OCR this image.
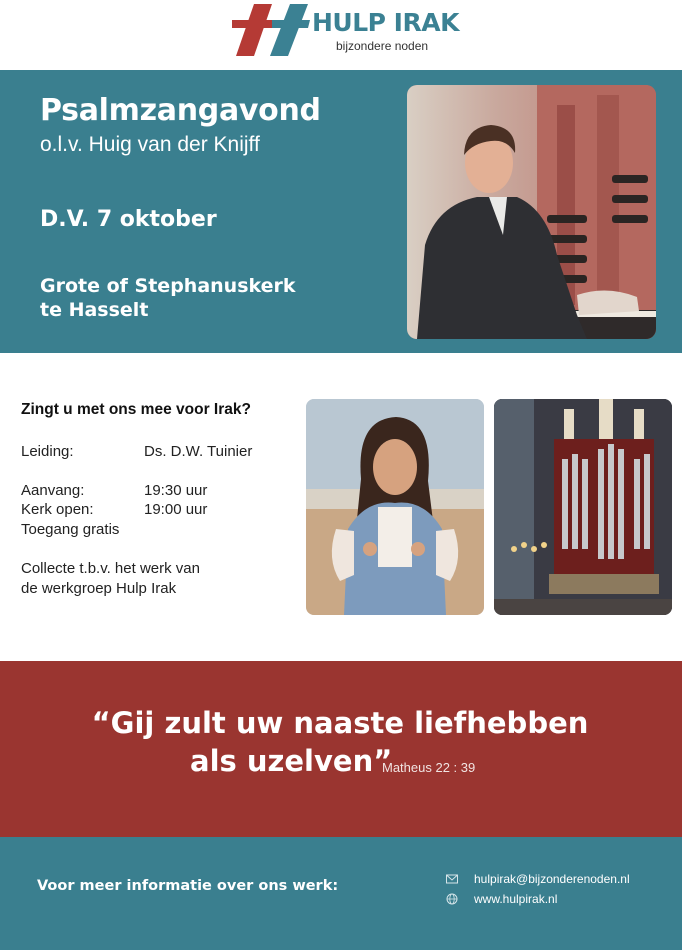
HULP IRAK
bijzondere noden
Psalmzangavond
o.l.v. Huig van der Knijff
D.V. 7 oktober
Grote of Stephanuskerk
te Hasselt
Zingt u met ons mee voor Irak?
Leiding:	Ds. D.W. Tuinier
Aanvang:	19:30 uur
Kerk open:	19:00 uur
Toegang gratis
Collecte t.b.v. het werk van
de werkgroep Hulp Irak
“Gij zult uw naaste liefhebben
als uzelven”
Matheus 22 : 39
Voor meer informatie over ons werk:	hulpirak@bijzonderenoden.nl
www.hulpirak.nl
